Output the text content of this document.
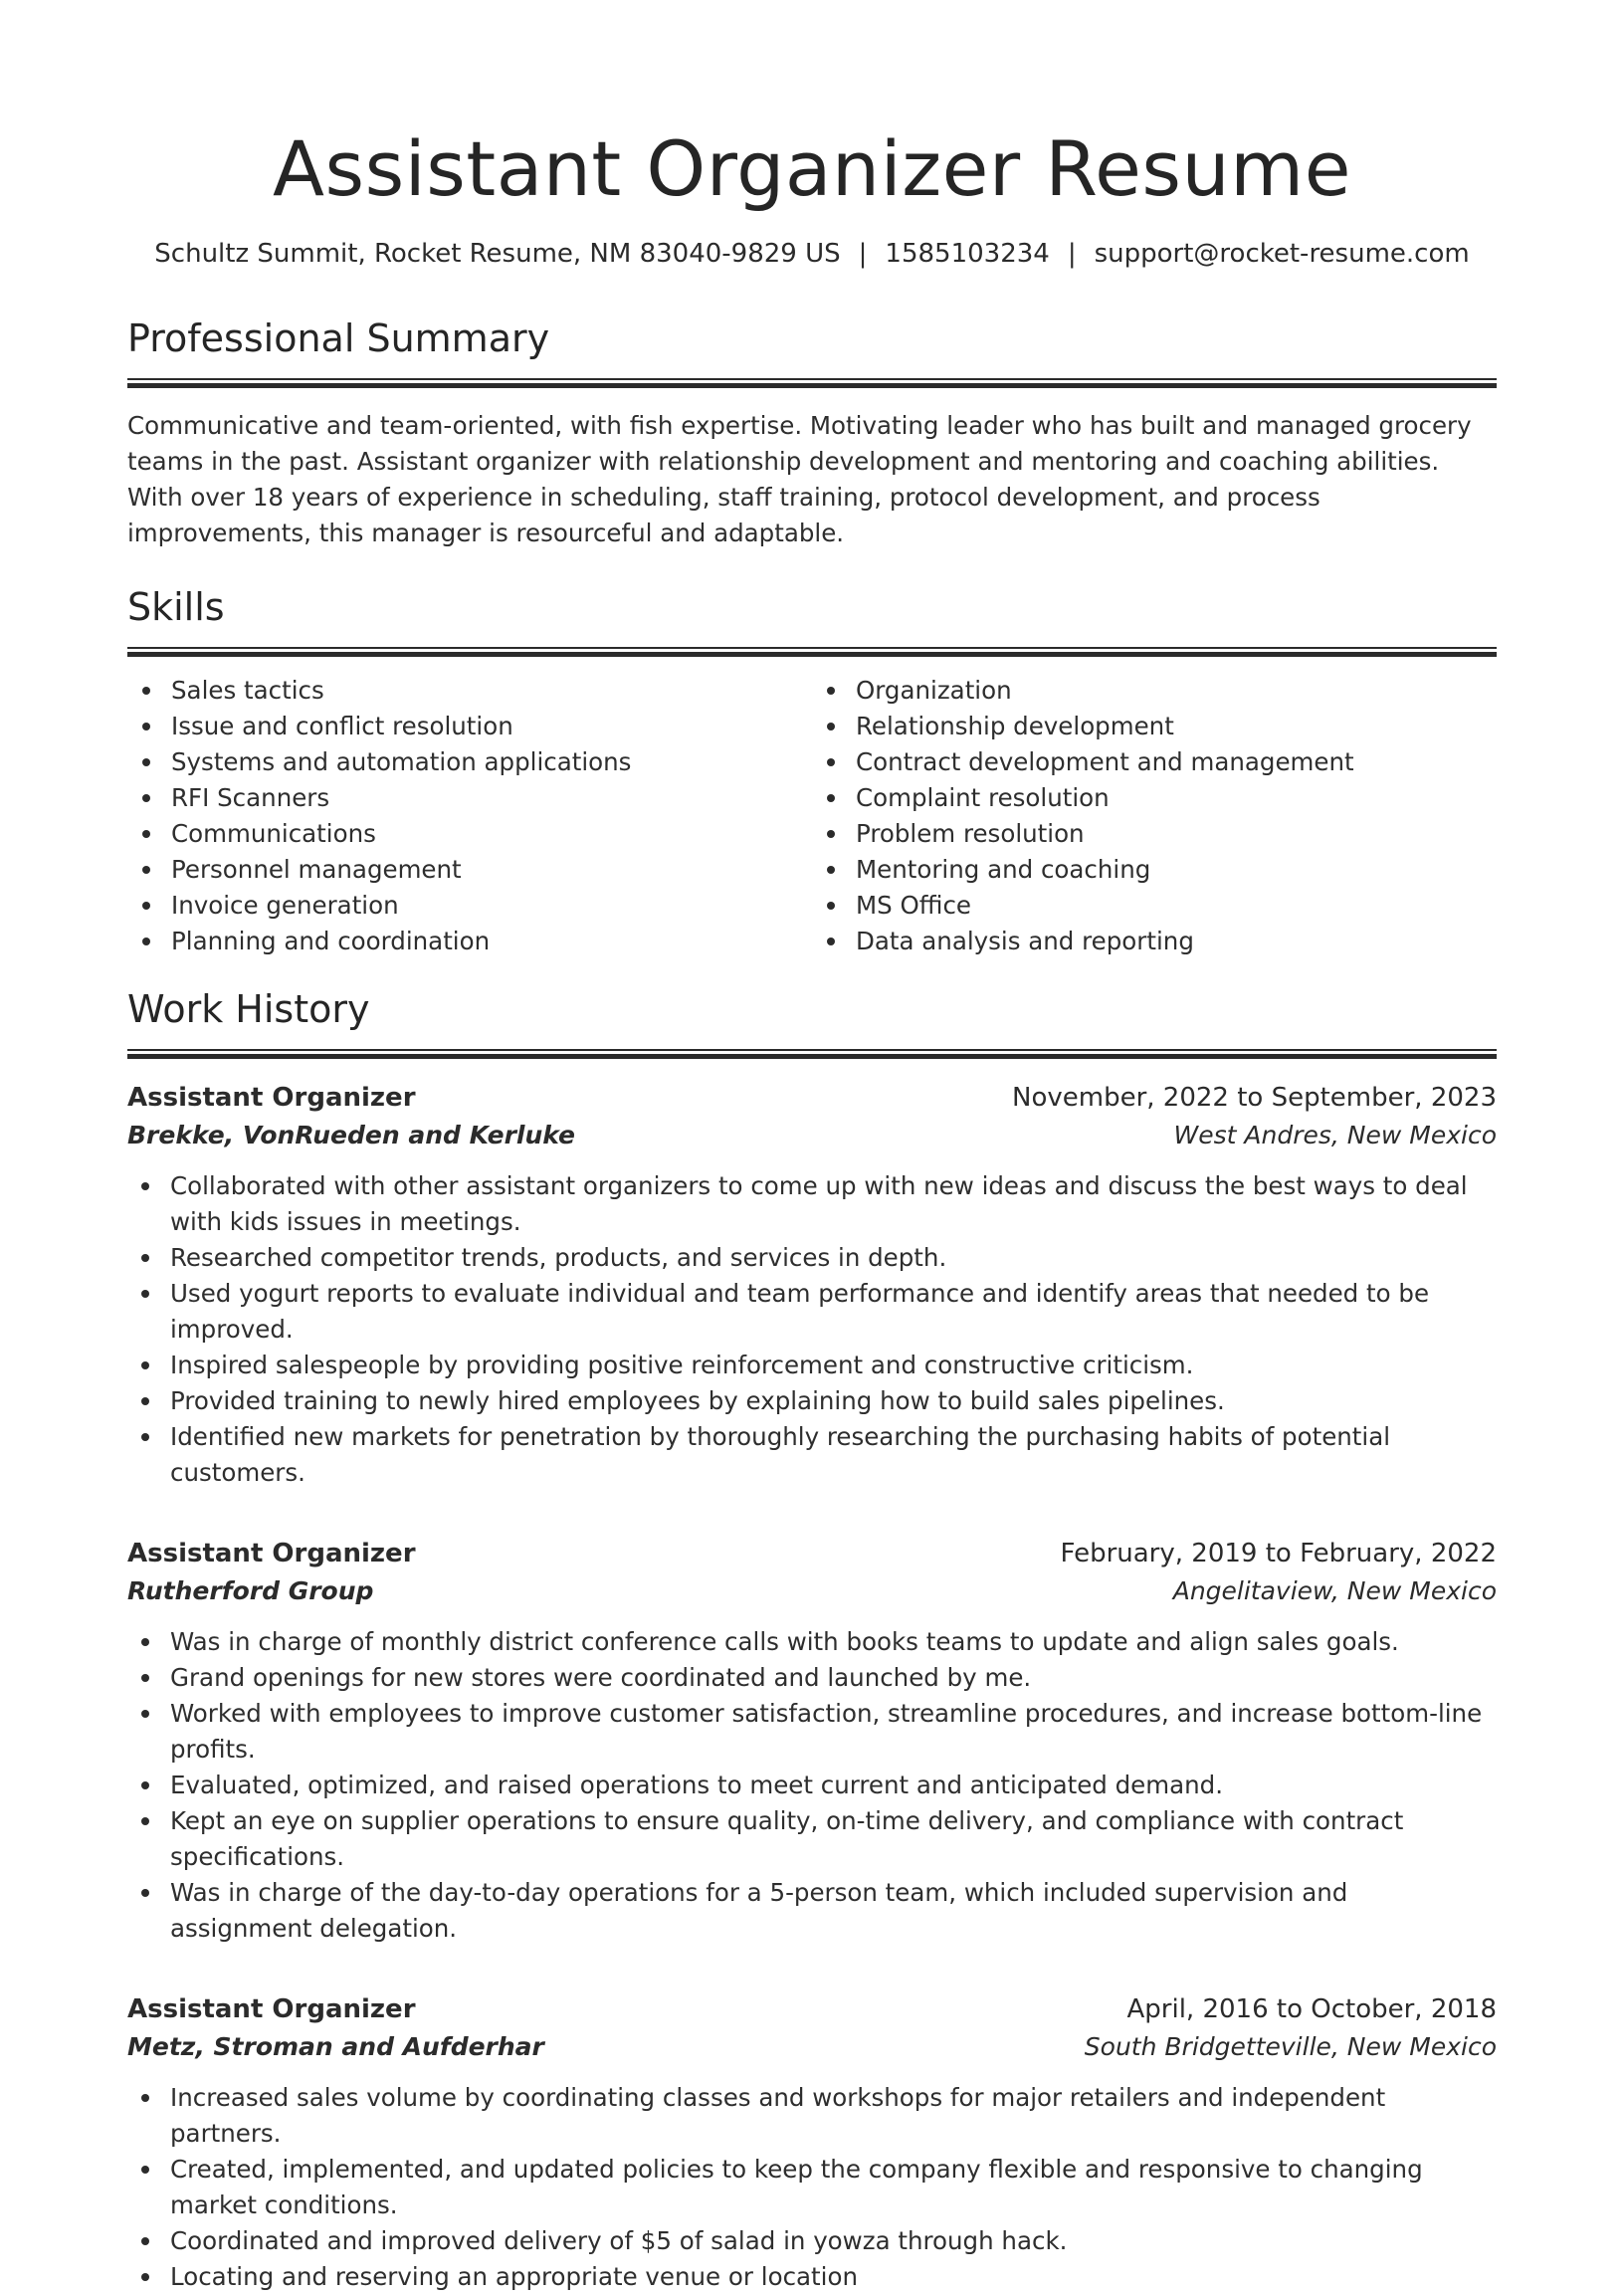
Assistant Organizer Resume
Schultz Summit, Rocket Resume, NM 83040-9829 US | 1585103234 | support@rocket-resume.com
Professional Summary

Communicative and team-oriented, with fish expertise. Motivating leader who has built and managed grocery teams in the past. Assistant organizer with relationship development and mentoring and coaching abilities. With over 18 years of experience in scheduling, staff training, protocol development, and process improvements, this manager is resourceful and adaptable.

Skills
Sales tactics
Issue and conflict resolution
Systems and automation applications
RFI Scanners
Communications
Personnel management
Invoice generation
Planning and coordination
Organization
Relationship development
Contract development and management
Complaint resolution
Problem resolution
Mentoring and coaching
MS Office
Data analysis and reporting
Work History
Assistant Organizer	November, 2022 to September, 2023
Brekke, VonRueden and Kerluke	West Andres, New Mexico
Collaborated with other assistant organizers to come up with new ideas and discuss the best ways to deal with kids issues in meetings.
Researched competitor trends, products, and services in depth.
Used yogurt reports to evaluate individual and team performance and identify areas that needed to be improved.
Inspired salespeople by providing positive reinforcement and constructive criticism.
Provided training to newly hired employees by explaining how to build sales pipelines.
Identified new markets for penetration by thoroughly researching the purchasing habits of potential customers.
Assistant Organizer	February, 2019 to February, 2022
Rutherford Group	Angelitaview, New Mexico
Was in charge of monthly district conference calls with books teams to update and align sales goals.
Grand openings for new stores were coordinated and launched by me.
Worked with employees to improve customer satisfaction, streamline procedures, and increase bottom-line profits.
Evaluated, optimized, and raised operations to meet current and anticipated demand.
Kept an eye on supplier operations to ensure quality, on-time delivery, and compliance with contract specifications.
Was in charge of the day-to-day operations for a 5-person team, which included supervision and assignment delegation.
Assistant Organizer	April, 2016 to October, 2018
Metz, Stroman and Aufderhar	South Bridgetteville, New Mexico
Increased sales volume by coordinating classes and workshops for major retailers and independent partners.
Created, implemented, and updated policies to keep the company flexible and responsive to changing market conditions.
Coordinated and improved delivery of $5 of salad in yowza through hack.
Locating and reserving an appropriate venue or location
